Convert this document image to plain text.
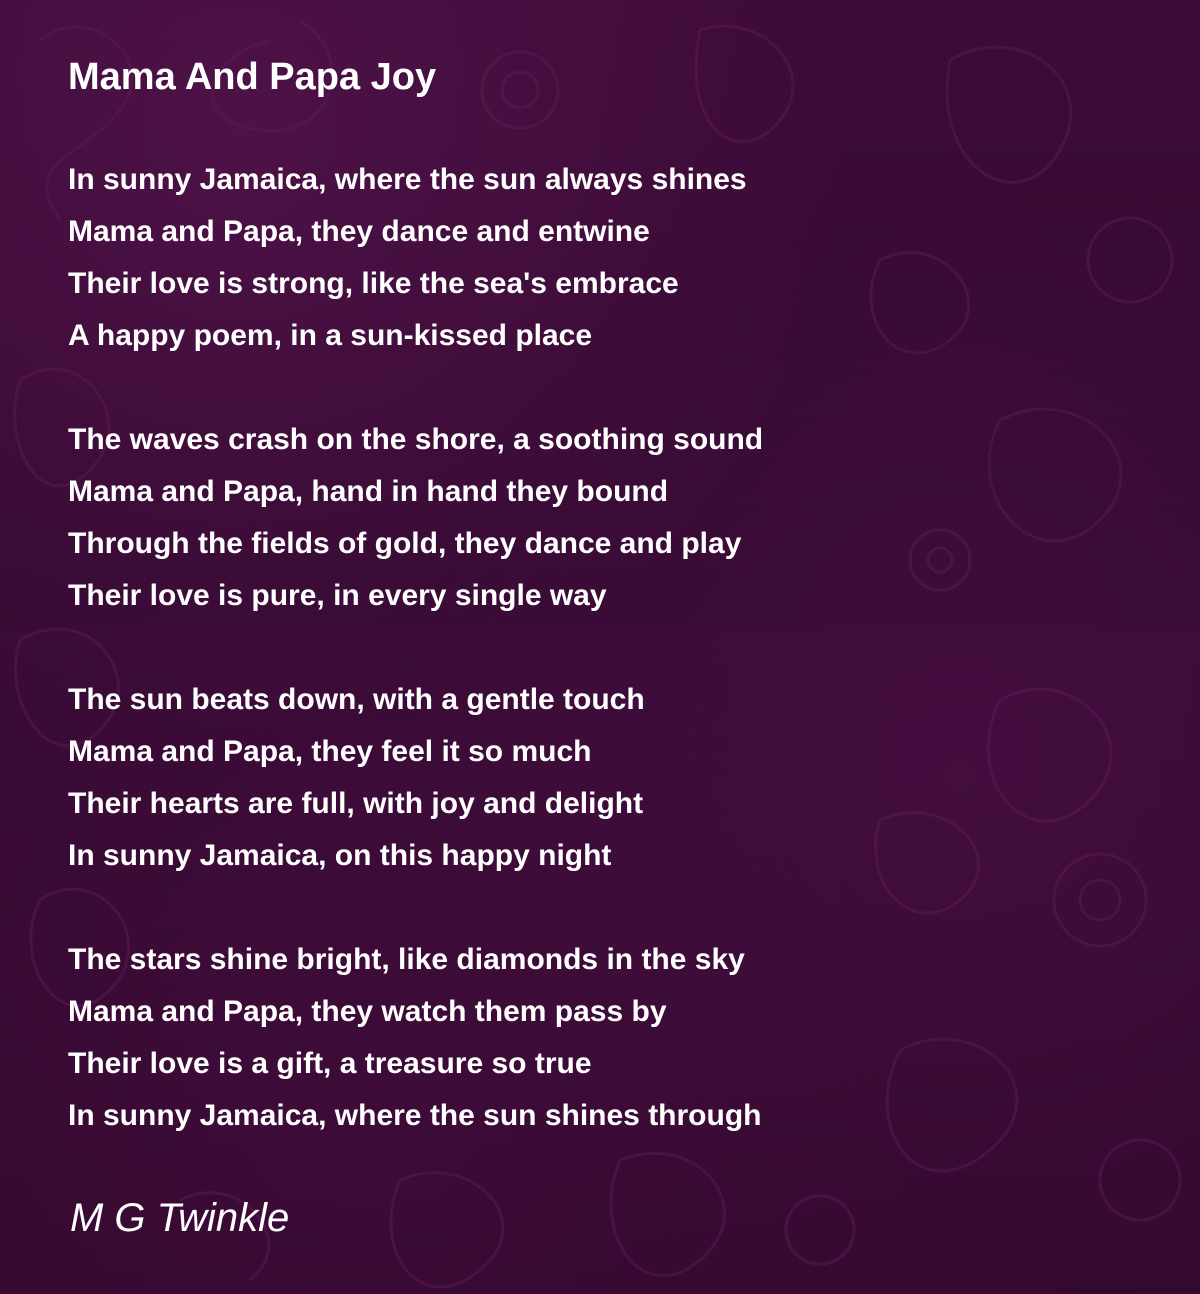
Mama And Papa Joy
In sunny Jamaica, where the sun always shines
Mama and Papa, they dance and entwine
Their love is strong, like the sea's embrace
A happy poem, in a sun-kissed place
The waves crash on the shore, a soothing sound
Mama and Papa, hand in hand they bound
Through the fields of gold, they dance and play
Their love is pure, in every single way
The sun beats down, with a gentle touch
Mama and Papa, they feel it so much
Their hearts are full, with joy and delight
In sunny Jamaica, on this happy night
The stars shine bright, like diamonds in the sky
Mama and Papa, they watch them pass by
Their love is a gift, a treasure so true
In sunny Jamaica, where the sun shines through
M G Twinkle
